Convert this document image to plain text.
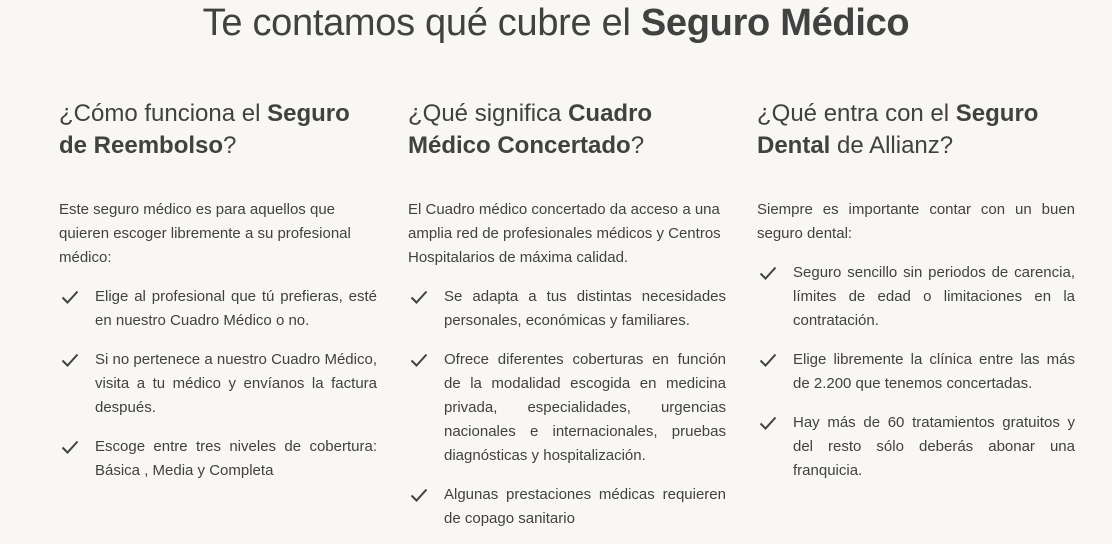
Te contamos qué cubre el Seguro Médico
¿Cómo funciona el Seguro
de Reembolso?

Este seguro médico es para aquellos que quieren escoger libremente a su profesional médico:

Elige al profesional que tú prefieras, esté en nuestro Cuadro Médico o no.
Si no pertenece a nuestro Cuadro Médico, visita a tu médico y envíanos la factura después.
Escoge entre tres niveles de cobertura: Básica , Media y Completa
¿Qué significa Cuadro
Médico Concertado?

El Cuadro médico concertado da acceso a una amplia red de profesionales médicos y Centros Hospitalarios de máxima calidad.

Se adapta a tus distintas necesidades personales, económicas y familiares.
Ofrece diferentes coberturas en función de la modalidad escogida en medicina privada, especialidades, urgencias nacionales e internacionales, pruebas diagnósticas y hospitalización.
Algunas prestaciones médicas requieren de copago sanitario
¿Qué entra con el Seguro
Dental de Allianz?

Siempre es importante contar con un buen seguro dental:

Seguro sencillo sin periodos de carencia, límites de edad o limitaciones en la contratación.
Elige libremente la clínica entre las más de 2.200 que tenemos concertadas.
Hay más de 60 tratamientos gratuitos y del resto sólo deberás abonar una franquicia.
